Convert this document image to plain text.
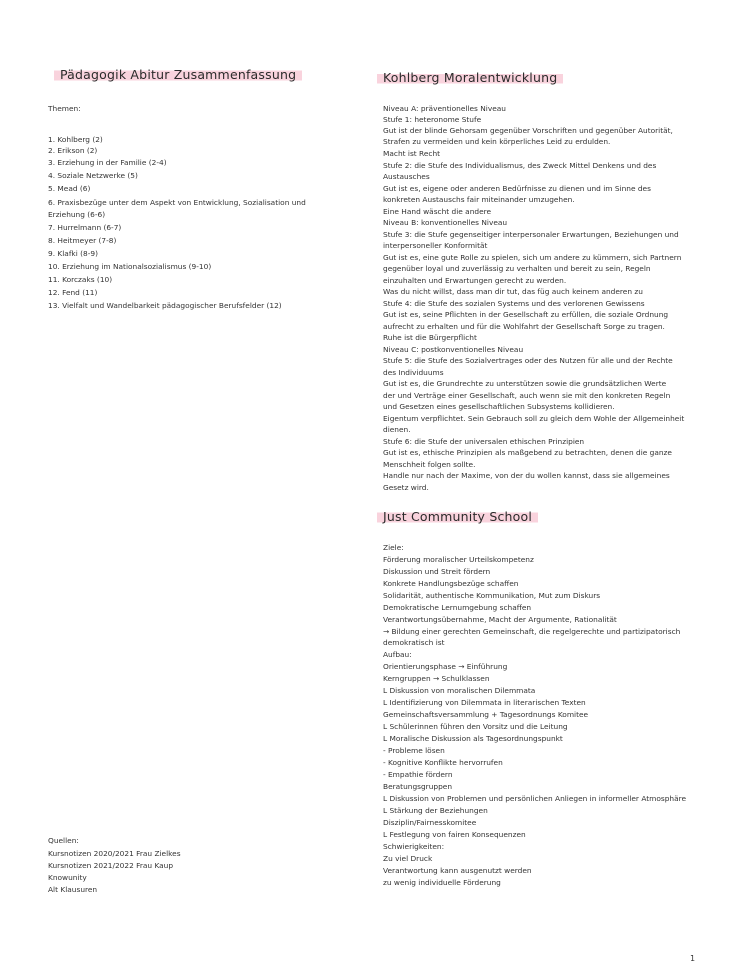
Pädagogik Abitur Zusammenfassung
Themen:
1. Kohlberg (2)
2. Erikson (2)
3. Erziehung in der Familie (2-4)
4. Soziale Netzwerke (5)
5. Mead (6)
6. Praxisbezüge unter dem Aspekt von Entwicklung, Sozialisation und
Erziehung (6-6)
7. Hurrelmann (6-7)
8. Heitmeyer (7-8)
9. Klafki (8-9)
10. Erziehung im Nationalsozialismus (9-10)
11. Korczaks (10)
12. Fend (11)
13. Vielfalt und Wandelbarkeit pädagogischer Berufsfelder (12)
Quellen:
Kursnotizen 2020/2021 Frau Zielkes
Kursnotizen 2021/2022 Frau Kaup
Knowunity
Alt Klausuren
Kohlberg Moralentwicklung
Niveau A: präventionelles Niveau
Stufe 1: heteronome Stufe
Gut ist der blinde Gehorsam gegenüber Vorschriften und gegenüber Autorität,
Strafen zu vermeiden und kein körperliches Leid zu erdulden.
Macht ist Recht
Stufe 2: die Stufe des Individualismus, des Zweck Mittel Denkens und des
Austausches
Gut ist es, eigene oder anderen Bedürfnisse zu dienen und im Sinne des
konkreten Austauschs fair miteinander umzugehen.
Eine Hand wäscht die andere
Niveau B: konventionelles Niveau
Stufe 3: die Stufe gegenseitiger interpersonaler Erwartungen, Beziehungen und
interpersoneller Konformität
Gut ist es, eine gute Rolle zu spielen, sich um andere zu kümmern, sich Partnern
gegenüber loyal und zuverlässig zu verhalten und bereit zu sein, Regeln
einzuhalten und Erwartungen gerecht zu werden.
Was du nicht willst, dass man dir tut, das füg auch keinem anderen zu
Stufe 4: die Stufe des sozialen Systems und des verlorenen Gewissens
Gut ist es, seine Pflichten in der Gesellschaft zu erfüllen, die soziale Ordnung
aufrecht zu erhalten und für die Wohlfahrt der Gesellschaft Sorge zu tragen.
Ruhe ist die Bürgerpflicht
Niveau C: postkonventionelles Niveau
Stufe 5: die Stufe des Sozialvertrages oder des Nutzen für alle und der Rechte
des Individuums
Gut ist es, die Grundrechte zu unterstützen sowie die grundsätzlichen Werte
der und Verträge einer Gesellschaft, auch wenn sie mit den konkreten Regeln
und Gesetzen eines gesellschaftlichen Subsystems kollidieren.
Eigentum verpflichtet. Sein Gebrauch soll zu gleich dem Wohle der Allgemeinheit
dienen.
Stufe 6: die Stufe der universalen ethischen Prinzipien
Gut ist es, ethische Prinzipien als maßgebend zu betrachten, denen die ganze
Menschheit folgen sollte.
Handle nur nach der Maxime, von der du wollen kannst, dass sie allgemeines
Gesetz wird.
Just Community School
Ziele:
Förderung moralischer Urteilskompetenz
Diskussion und Streit fördern
Konkrete Handlungsbezüge schaffen
Solidarität, authentische Kommunikation, Mut zum Diskurs
Demokratische Lernumgebung schaffen
Verantwortungsübernahme, Macht der Argumente, Rationalität
→ Bildung einer gerechten Gemeinschaft, die regelgerechte und partizipatorisch
demokratisch ist
Aufbau:
Orientierungsphase → Einführung
Kerngruppen → Schulklassen
L Diskussion von moralischen Dilemmata
L Identifizierung von Dilemmata in literarischen Texten
Gemeinschaftsversammlung + Tagesordnungs Komitee
L Schülerinnen führen den Vorsitz und die Leitung
L Moralische Diskussion als Tagesordnungspunkt
- Probleme lösen
- Kognitive Konflikte hervorrufen
- Empathie fördern
Beratungsgruppen
L Diskussion von Problemen und persönlichen Anliegen in informeller Atmosphäre
L Stärkung der Beziehungen
Disziplin/Fairnesskomitee
L Festlegung von fairen Konsequenzen
Schwierigkeiten:
Zu viel Druck
Verantwortung kann ausgenutzt werden
zu wenig individuelle Förderung
1
